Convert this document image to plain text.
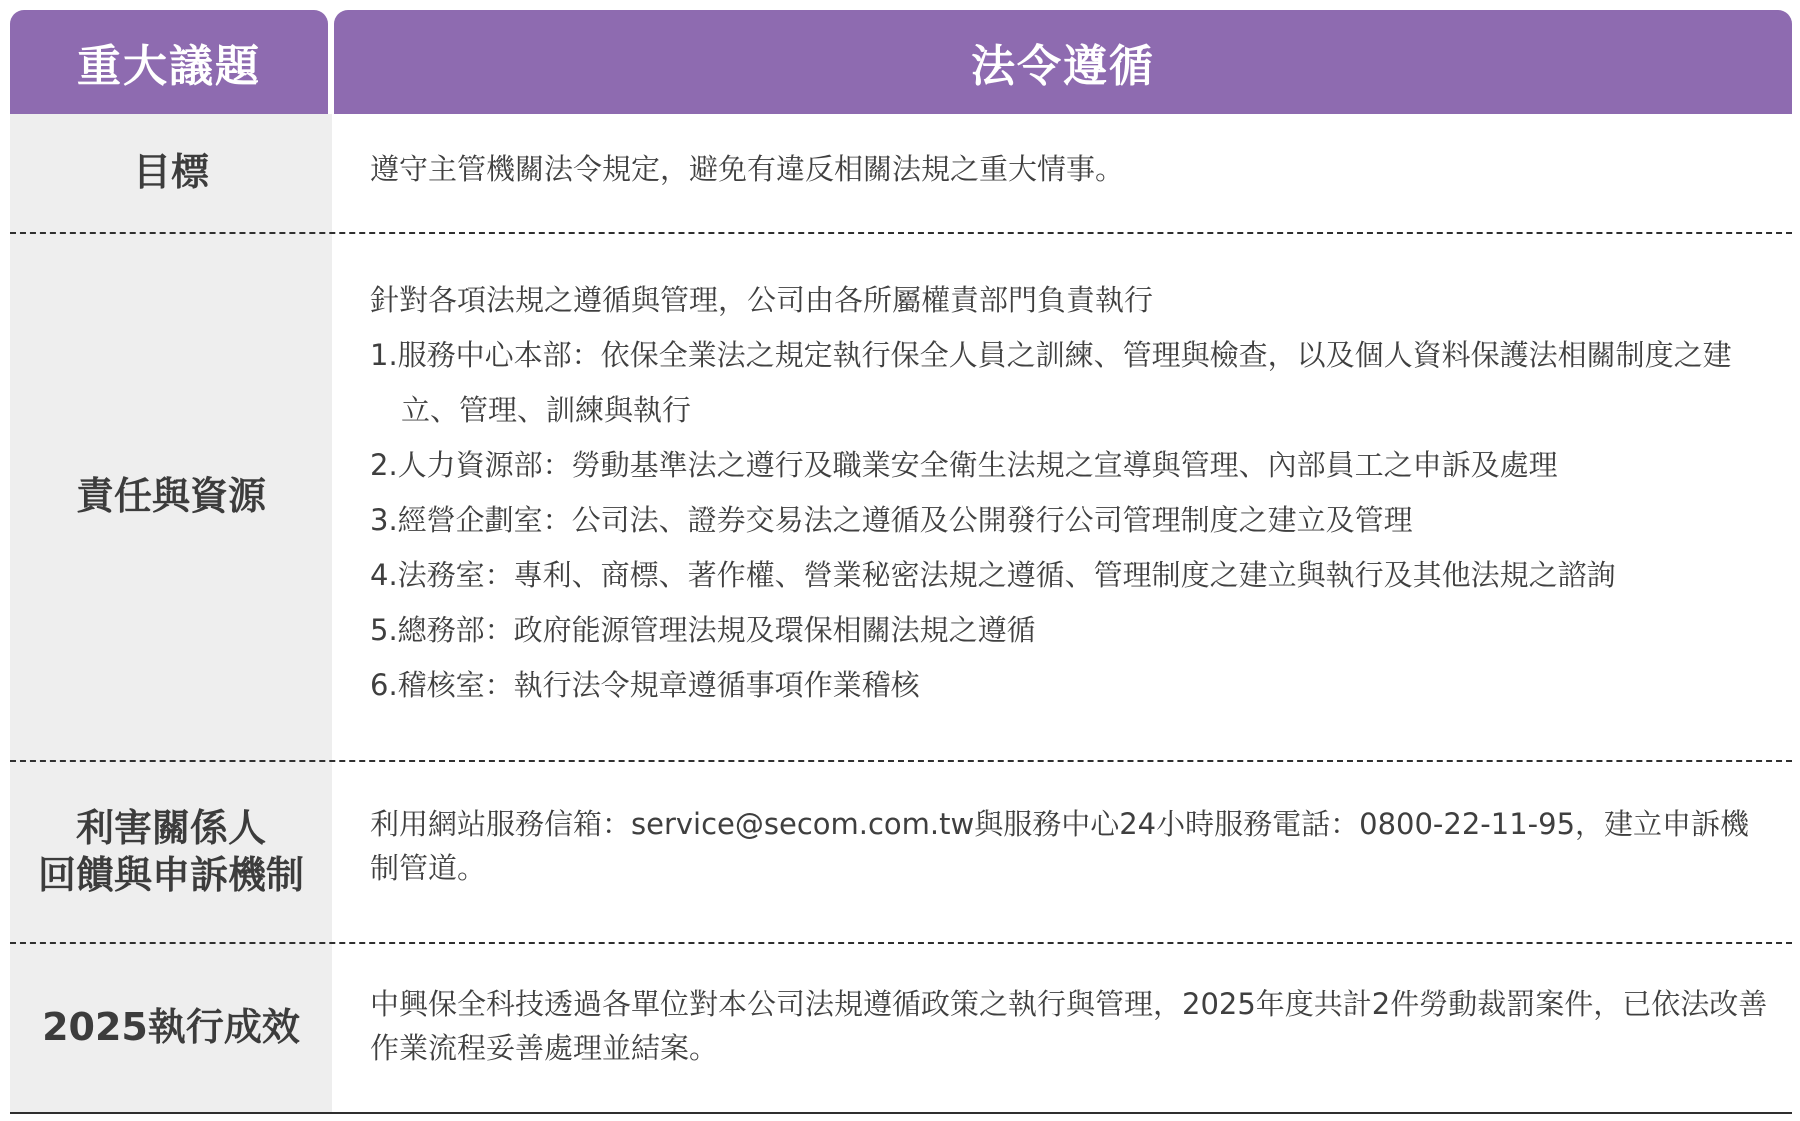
重大議題	法令遵循
目標	遵守主管機關法令規定，避免有違反相關法規之重大情事。
責任與資源

針對各項法規之遵循與管理，公司由各所屬權責部門負責執行

1.服務中心本部：依保全業法之規定執行保全人員之訓練、管理與檢查，以及個人資料保護法相關制度之建立、管理、訓練與執行

2.人力資源部：勞動基準法之遵行及職業安全衛生法規之宣導與管理、內部員工之申訴及處理

3.經營企劃室：公司法、證券交易法之遵循及公開發行公司管理制度之建立及管理

4.法務室：專利、商標、著作權、營業秘密法規之遵循、管理制度之建立與執行及其他法規之諮詢

5.總務部：政府能源管理法規及環保相關法規之遵循

6.稽核室：執行法令規章遵循事項作業稽核

利害關係人
回饋與申訴機制
利用網站服務信箱：service@secom.com.tw與服務中心24小時服務電話：0800-22-11-95，建立申訴機制管道。
2025執行成效
中興保全科技透過各單位對本公司法規遵循政策之執行與管理，2025年度共計2件勞動裁罰案件，已依法改善作業流程妥善處理並結案。
